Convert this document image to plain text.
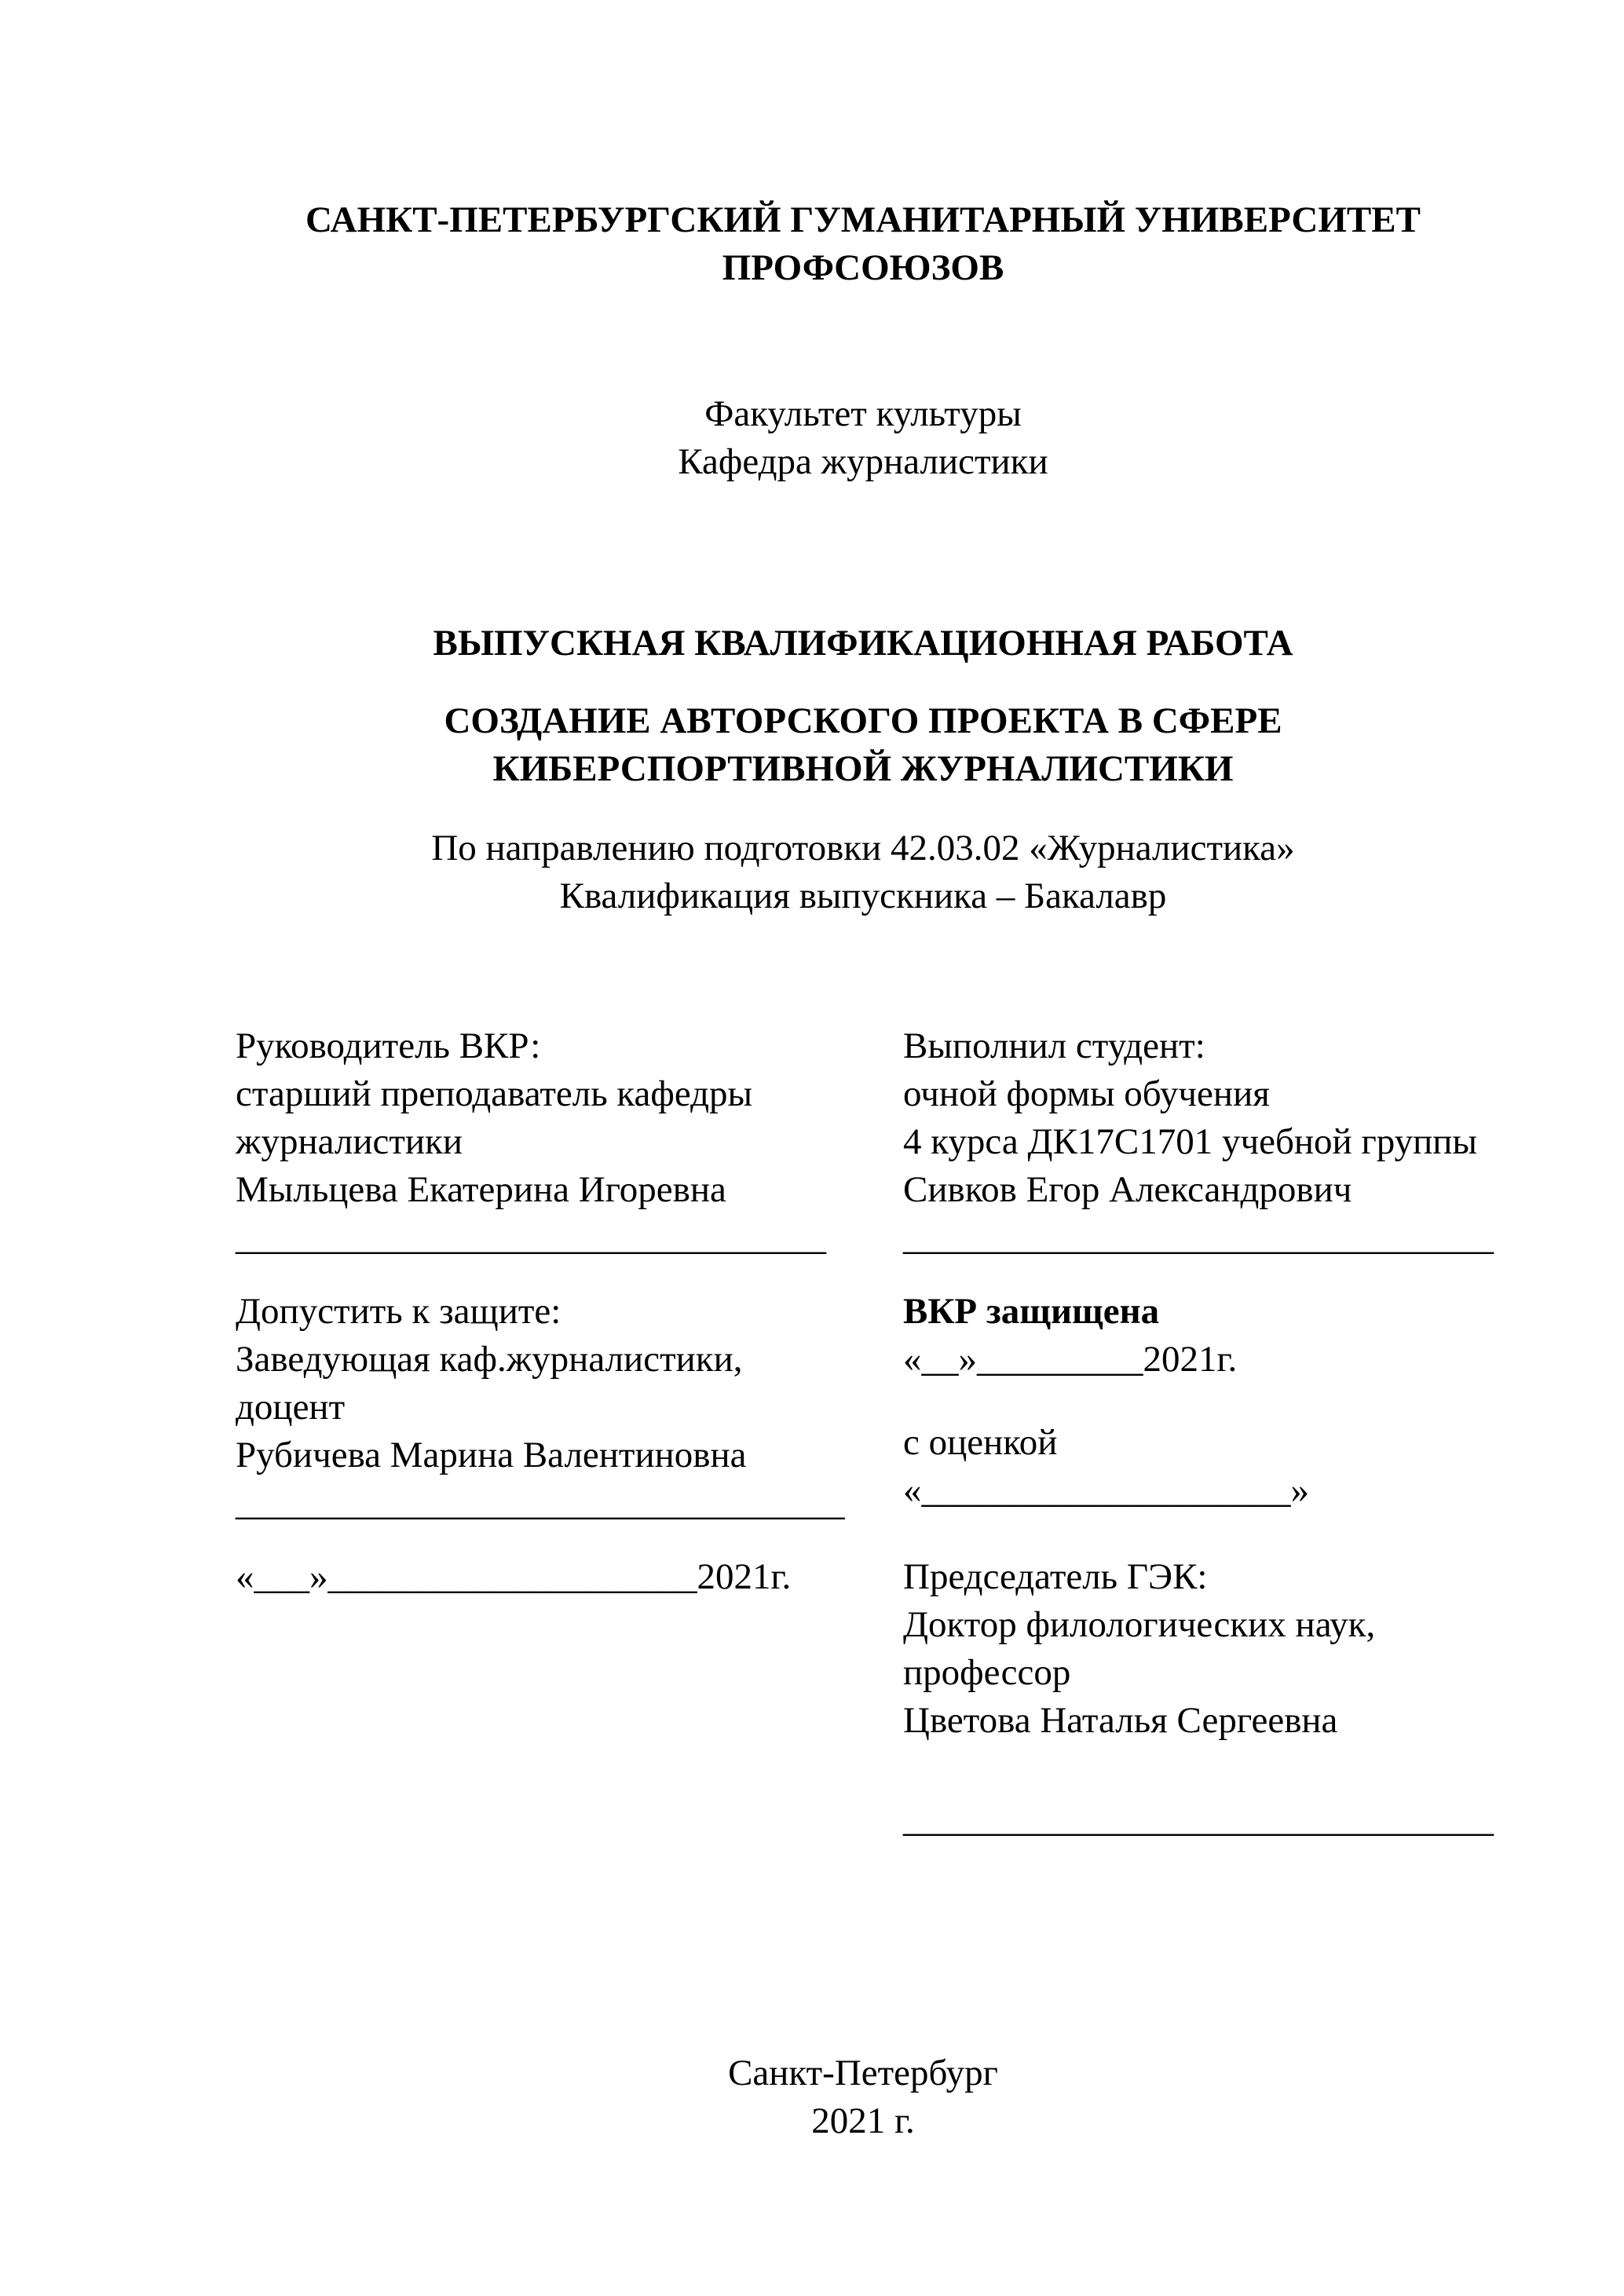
САНКТ-ПЕТЕРБУРГСКИЙ ГУМАНИТАРНЫЙ УНИВЕРСИТЕТ ПРОФСОЮЗОВ
Факультет культуры
Кафедра журналистики
ВЫПУСКНАЯ КВАЛИФИКАЦИОННАЯ РАБОТА
СОЗДАНИЕ АВТОРСКОГО ПРОЕКТА В СФЕРЕ КИБЕРСПОРТИВНОЙ ЖУРНАЛИСТИКИ
По направлению подготовки 42.03.02 «Журналистика»
Квалификация выпускника – Бакалавр
Руководитель ВКР:
старший преподаватель кафедры журналистики
Мыльцева Екатерина Игоревна
________________________________
Выполнил студент:
очной формы обучения
4 курса ДК17С1701 учебной группы
Сивков Егор Александрович
________________________________
Допустить к защите:
Заведующая каф.журналистики, доцент
Рубичева Марина Валентиновна
_________________________________
ВКР защищена
«__»_________2021г.
с оценкой
«____________________»
«___»____________________2021г.	Председатель ГЭК:
Доктор филологических наук, профессор
Цветова Наталья Сергеевна
________________________________
Санкт-Петербург
2021 г.
